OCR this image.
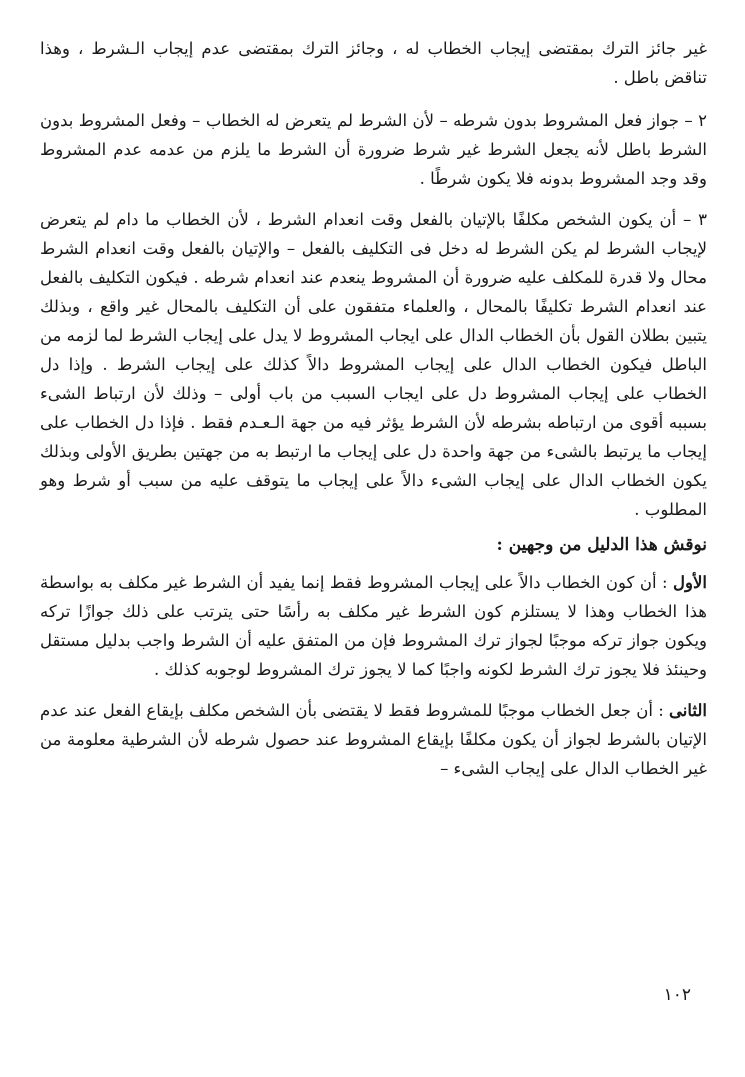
غير جائز الترك بمقتضى إيجاب الخطاب له ، وجائز الترك بمقتضى عدم إيجاب الـشرط ، وهذا تناقض باطل .

٢ – جواز فعل المشروط بدون شرطه – لأن الشرط لم يتعرض له الخطاب – وفعل المشروط بدون الشرط باطل لأنه يجعل الشرط غير شرط ضرورة أن الشرط ما يلزم من عدمه عدم المشروط وقد وجد المشروط بدونه فلا يكون شرطًا .

٣ – أن يكون الشخص مكلفًا بالإتيان بالفعل وقت انعدام الشرط ، لأن الخطاب ما دام لم يتعرض لإيجاب الشرط لم يكن الشرط له دخل فى التكليف بالفعل – والإتيان بالفعل وقت انعدام الشرط محال ولا قدرة للمكلف عليه ضرورة أن المشروط ينعدم عند انعدام شرطه . فيكون التكليف بالفعل عند انعدام الشرط تكليفًا بالمحال ، والعلماء متفقون على أن التكليف بالمحال غير واقع ، وبذلك يتبين بطلان القول بأن الخطاب الدال على ايجاب المشروط لا يدل على إيجاب الشرط لما لزمه من الباطل فيكون الخطاب الدال على إيجاب المشروط دالاً كذلك على إيجاب الشرط . وإذا دل الخطاب على إيجاب المشروط دل على ايجاب السبب من باب أولى – وذلك لأن ارتباط الشىء بسببه أقوى من ارتباطه بشرطه لأن الشرط يؤثر فيه من جهة الـعـدم فقط . فإذا دل الخطاب على إيجاب ما يرتبط بالشىء من جهة واحدة دل على إيجاب ما ارتبط به من جهتين بطريق الأولى وبذلك يكون الخطاب الدال على إيجاب الشىء دالاً على إيجاب ما يتوقف عليه من سبب أو شرط وهو المطلوب .

نوقش هذا الدليل من وجهين :

الأول : أن كون الخطاب دالاً على إيجاب المشروط فقط إنما يفيد أن الشرط غير مكلف به بواسطة هذا الخطاب وهذا لا يستلزم كون الشرط غير مكلف به رأسًا حتى يترتب على ذلك جوازًا تركه ويكون جواز تركه موجبًا لجواز ترك المشروط فإن من المتفق عليه أن الشرط واجب بدليل مستقل وحينئذ فلا يجوز ترك الشرط لكونه واجبًا كما لا يجوز ترك المشروط لوجوبه كذلك .

الثانى : أن جعل الخطاب موجبًا للمشروط فقط لا يقتضى بأن الشخص مكلف بإيقاع الفعل عند عدم الإتيان بالشرط لجواز أن يكون مكلفًا بإيقاع المشروط عند حصول شرطه لأن الشرطية معلومة من غير الخطاب الدال على إيجاب الشىء –

١٠٢
